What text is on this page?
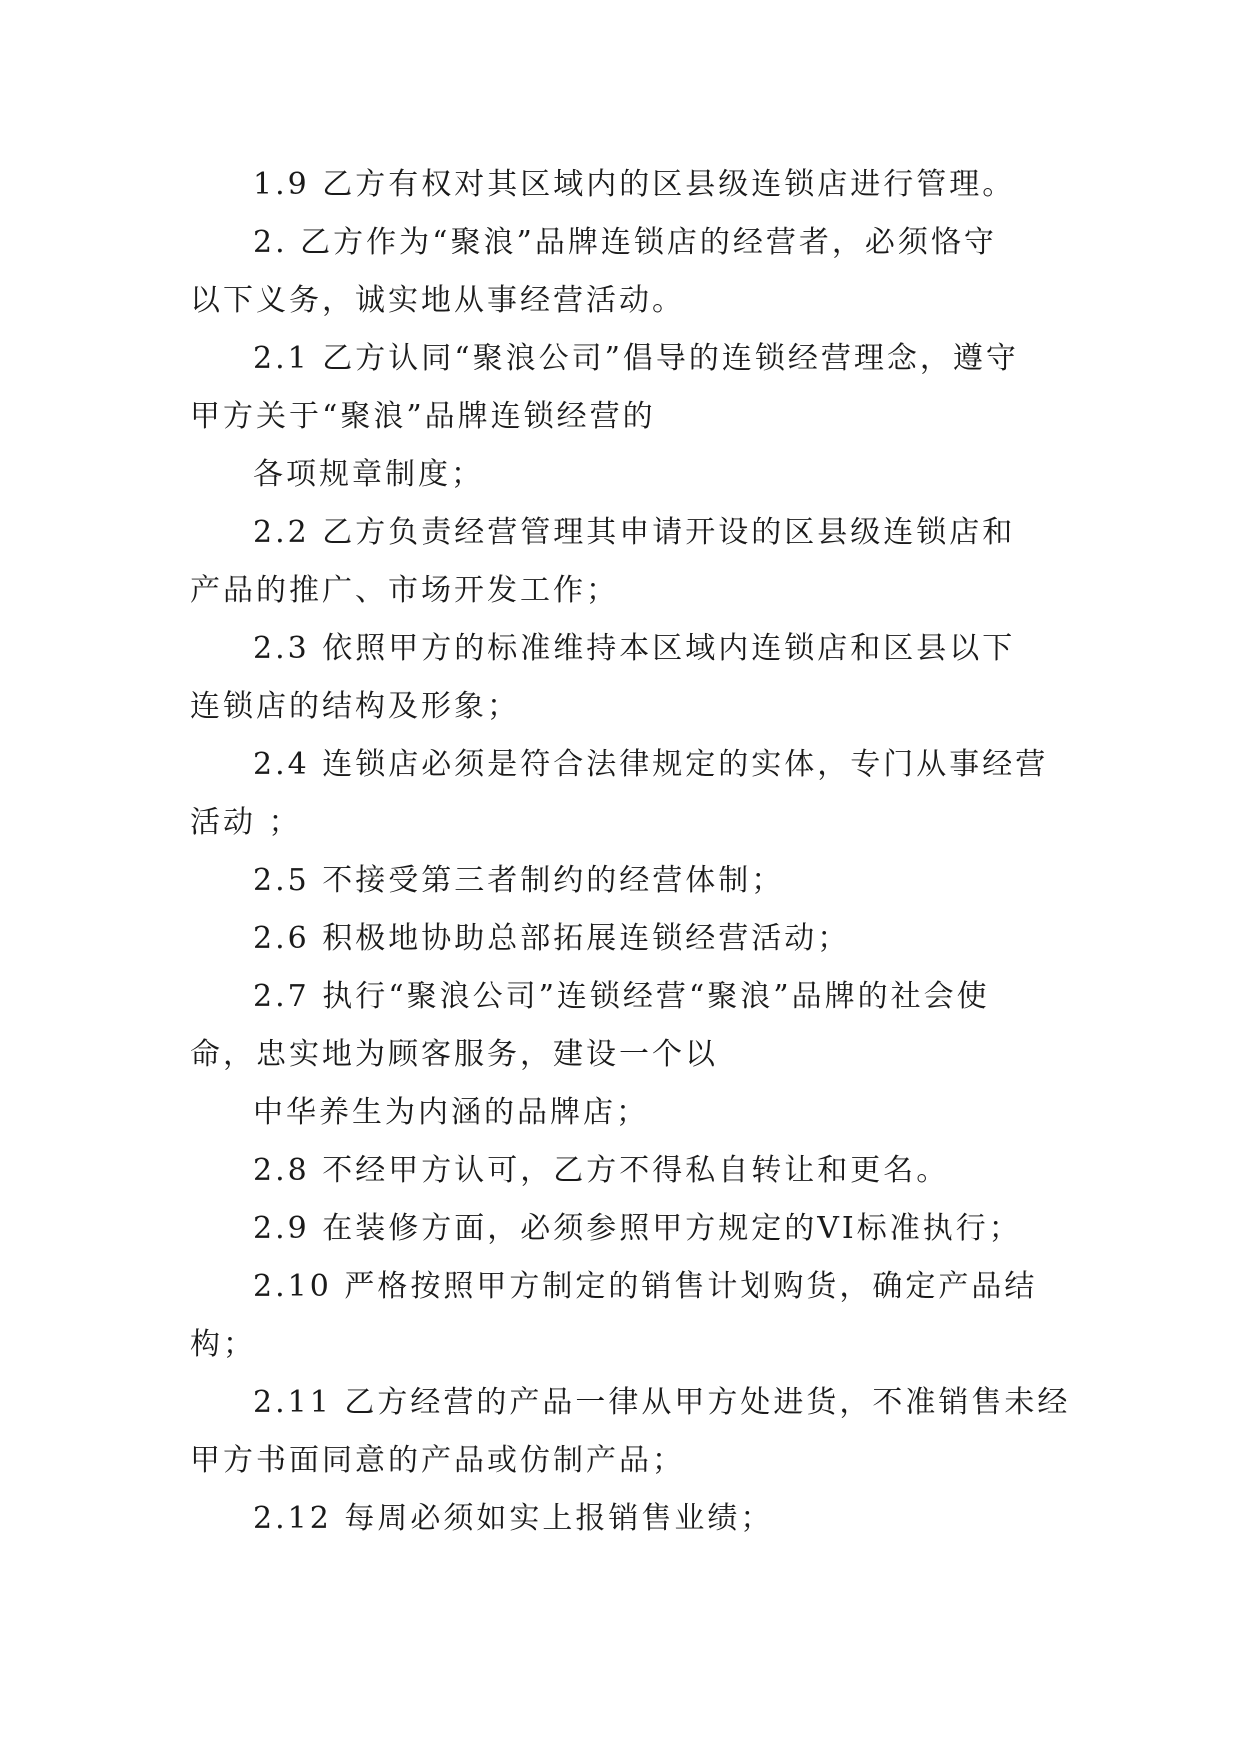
1.9 乙方有权对其区域内的区县级连锁店进行管理。
2. 乙方作为“聚浪”品牌连锁店的经营者，必须恪守
以下义务，诚实地从事经营活动。
2.1 乙方认同“聚浪公司”倡导的连锁经营理念，遵守
甲方关于“聚浪”品牌连锁经营的
各项规章制度；
2.2 乙方负责经营管理其申请开设的区县级连锁店和
产品的推广、市场开发工作；
2.3 依照甲方的标准维持本区域内连锁店和区县以下
连锁店的结构及形象；
2.4 连锁店必须是符合法律规定的实体，专门从事经营
活动 ；
2.5 不接受第三者制约的经营体制；
2.6 积极地协助总部拓展连锁经营活动；
2.7 执行“聚浪公司”连锁经营“聚浪”品牌的社会使
命，忠实地为顾客服务，建设一个以
中华养生为内涵的品牌店；
2.8 不经甲方认可，乙方不得私自转让和更名。
2.9 在装修方面，必须参照甲方规定的VI标准执行；
2.10 严格按照甲方制定的销售计划购货，确定产品结
构；
2.11 乙方经营的产品一律从甲方处进货，不准销售未经
甲方书面同意的产品或仿制产品；
2.12 每周必须如实上报销售业绩；
